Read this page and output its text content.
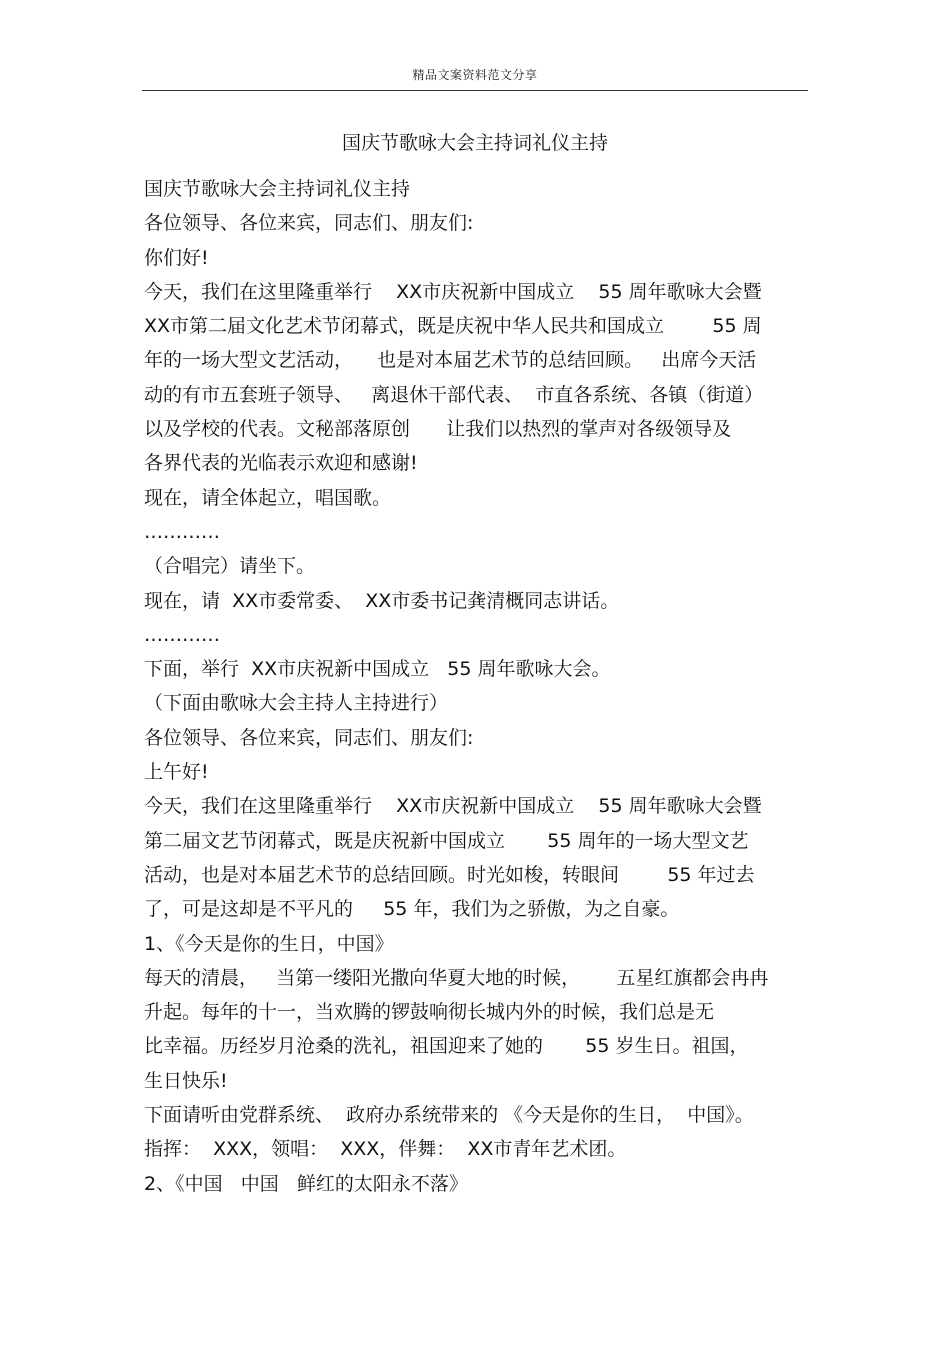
精品文案资料范文分享
国庆节歌咏大会主持词礼仪主持
国庆节歌咏大会主持词礼仪主持
各位领导、各位来宾，同志们、朋友们:
你们好!
今天，我们在这里隆重举行    XX市庆祝新中国成立    55 周年歌咏大会暨
XX市第二届文化艺术节闭幕式，既是庆祝中华人民共和国成立        55 周
年的一场大型文艺活动，    也是对本届艺术节的总结回顾。   出席今天活
动的有市五套班子领导、   离退休干部代表、  市直各系统、各镇（街道）
以及学校的代表。文秘部落原创      让我们以热烈的掌声对各级领导及
各界代表的光临表示欢迎和感谢!
现在，请全体起立，唱国歌。
…………
（合唱完）请坐下。
现在，请  XX市委常委、  XX市委书记龚清概同志讲话。
…………
下面，举行  XX市庆祝新中国成立   55 周年歌咏大会。
（下面由歌咏大会主持人主持进行）
各位领导、各位来宾，同志们、朋友们:
上午好!
今天，我们在这里隆重举行    XX市庆祝新中国成立    55 周年歌咏大会暨
第二届文艺节闭幕式，既是庆祝新中国成立       55 周年的一场大型文艺
活动，也是对本届艺术节的总结回顾。时光如梭，转眼间        55 年过去
了，可是这却是不平凡的     55 年，我们为之骄傲，为之自豪。
1、《今天是你的生日，中国》
每天的清晨，   当第一缕阳光撒向华夏大地的时候，      五星红旗都会冉冉
升起。每年的十一，当欢腾的锣鼓响彻长城内外的时候，我们总是无
比幸福。历经岁月沧桑的洗礼，祖国迎来了她的       55 岁生日。祖国，
生日快乐!
下面请听由党群系统、  政府办系统带来的 《今天是你的生日，  中国》。
指挥：  XXX，领唱：  XXX，伴舞：  XX市青年艺术团。
2、《中国   中国   鲜红的太阳永不落》
